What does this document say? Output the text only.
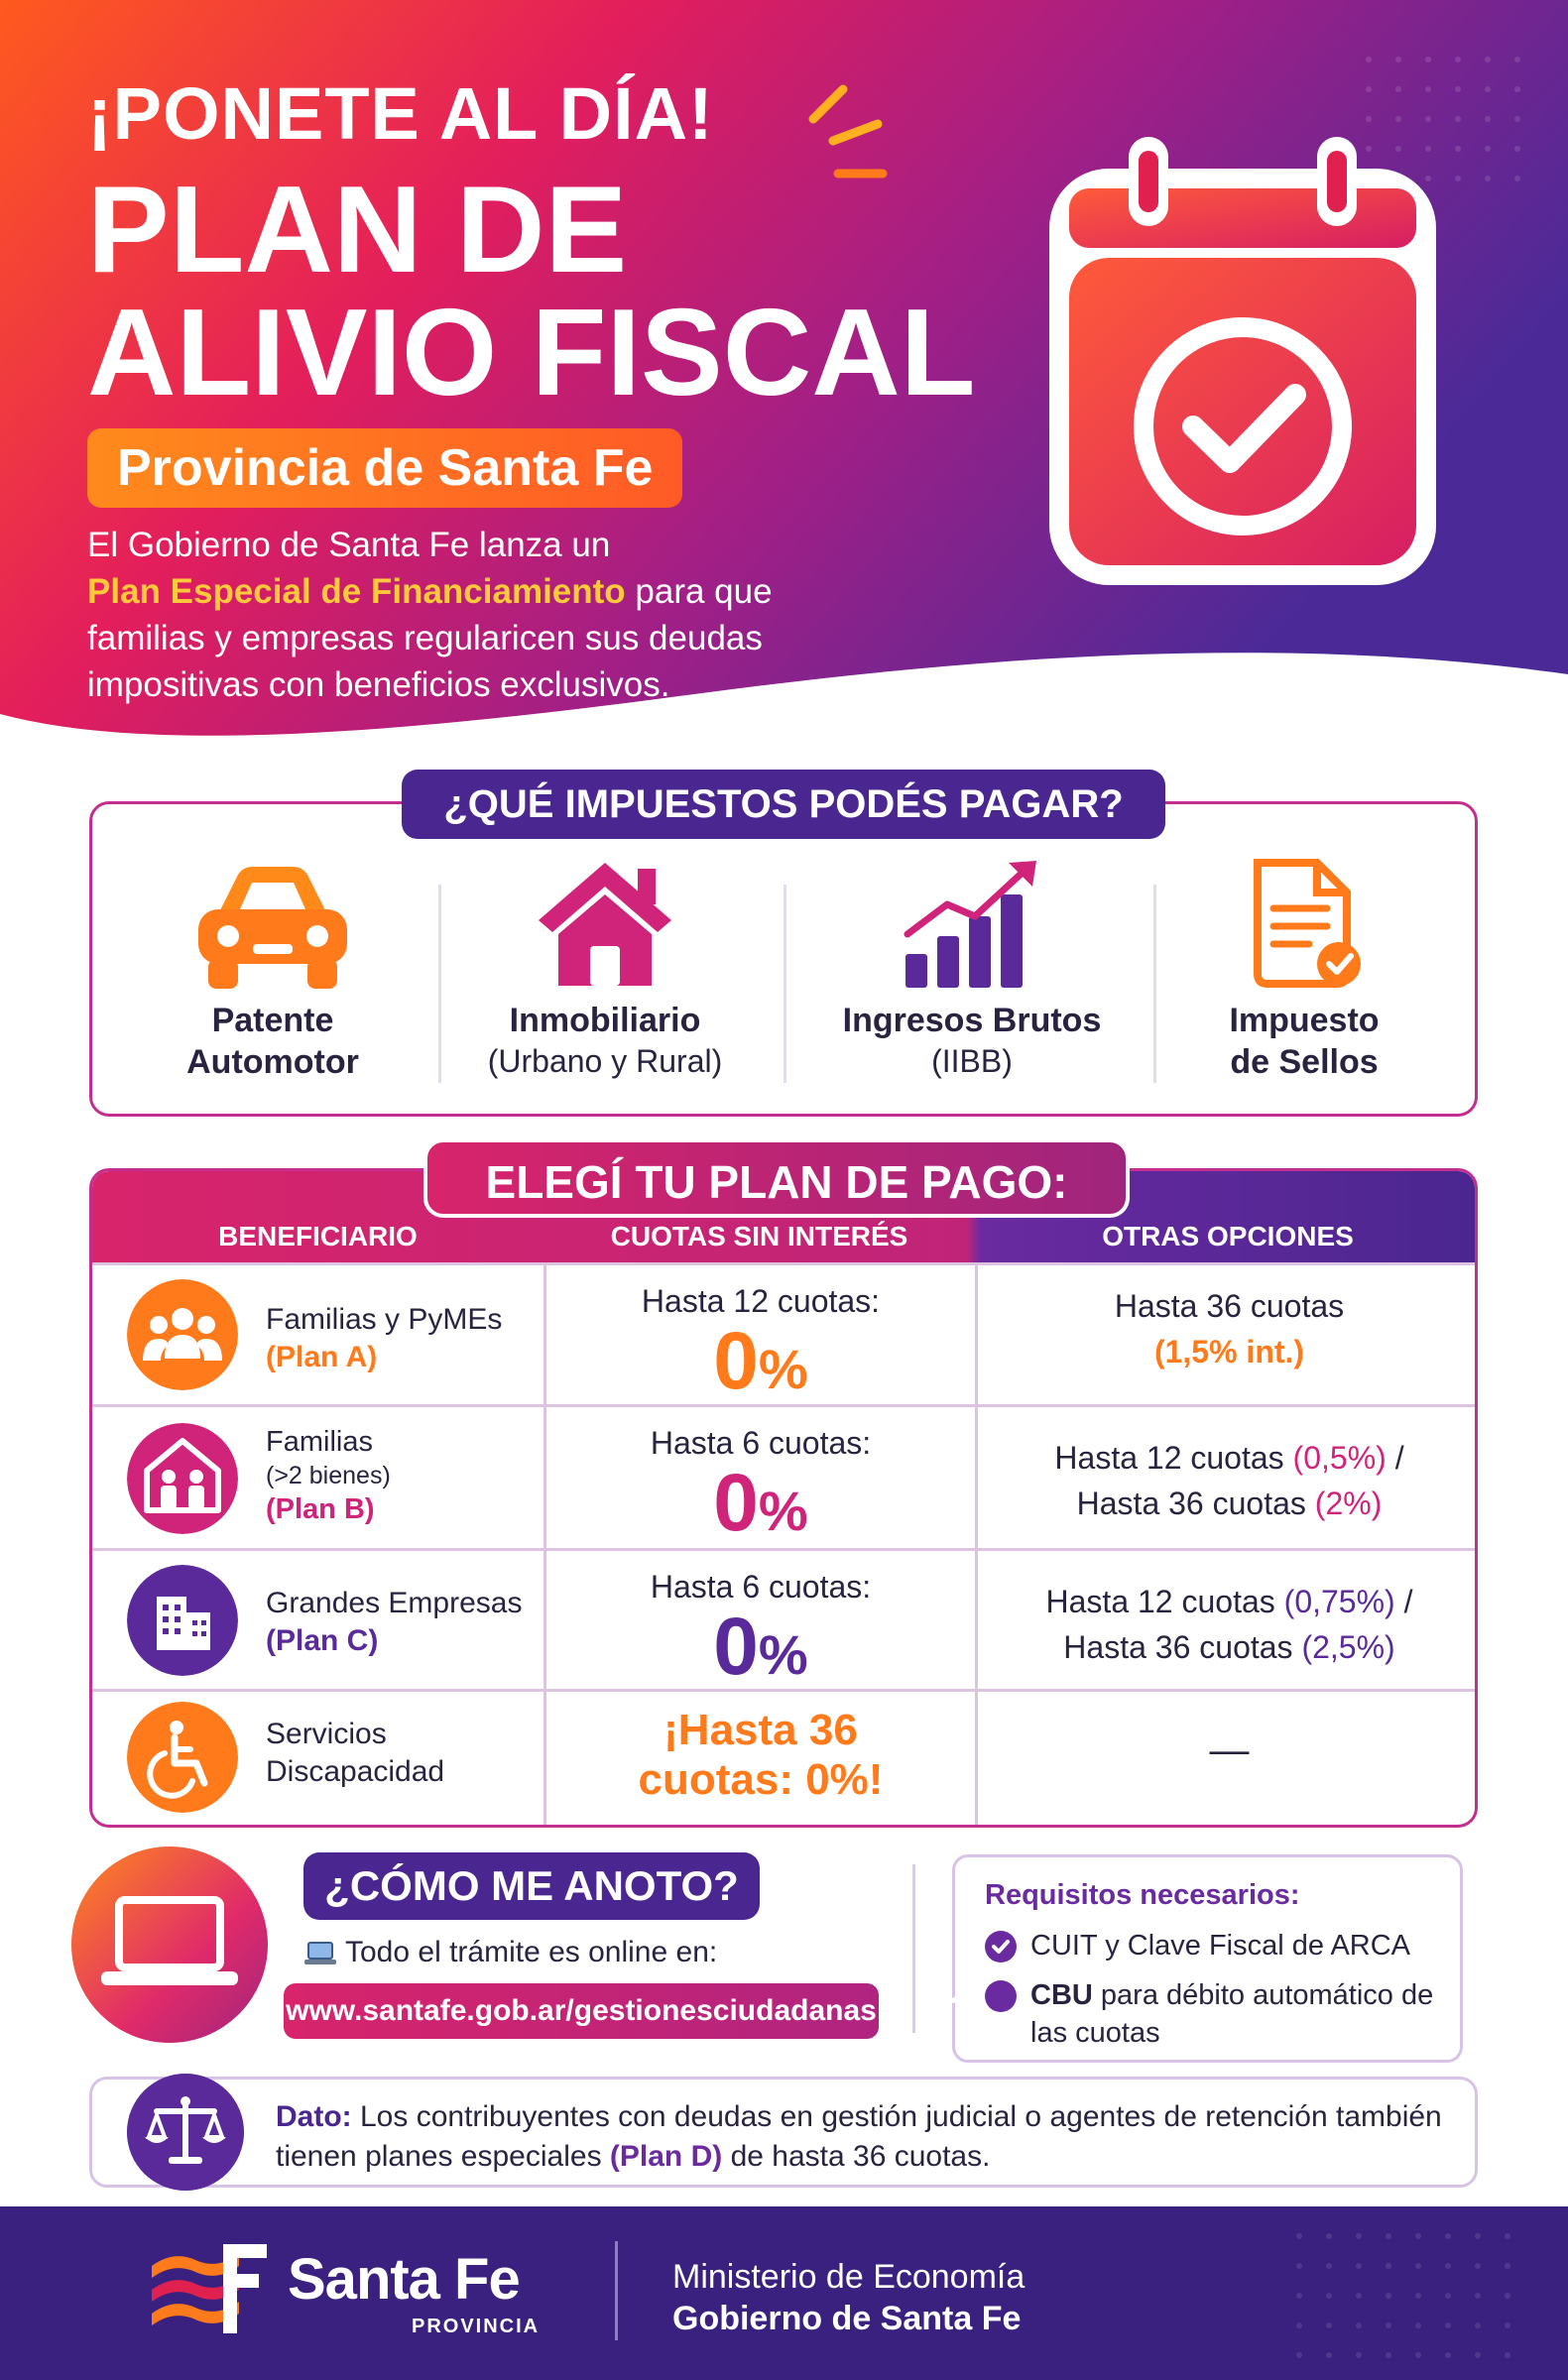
¡PONETE AL DÍA!
PLAN DE
ALIVIO FISCAL
Provincia de Santa Fe
El Gobierno de Santa Fe lanza un
Plan Especial de Financiamiento para que familias y empresas regularicen sus deudas impositivas con beneficios exclusivos.
¿QUÉ IMPUESTOS PODÉS PAGAR?
Patente Automotor
Inmobiliario
(Urbano y Rural)
Ingresos Brutos
(IIBB)
Impuesto de Sellos
BENEFICIARIO	CUOTAS SIN INTERÉS	OTRAS OPCIONES
Familias y PyMEs
(Plan A)
Hasta 12 cuotas:
0%
Hasta 36 cuotas
(1,5% int.)
Familias
(>2 bienes)
(Plan B)
Hasta 6 cuotas:
0%
Hasta 12 cuotas (0,5%) /
Hasta 36 cuotas (2%)
Grandes Empresas
(Plan C)
Hasta 6 cuotas:
0%
Hasta 12 cuotas (0,75%) /
Hasta 36 cuotas (2,5%)
Servicios
Discapacidad
¡Hasta 36
cuotas: 0%!
—
ELEGÍ TU PLAN DE PAGO:
¿CÓMO ME ANOTO?
Todo el trámite es online en:
www.santafe.gob.ar/gestionesciudadanas
Requisitos necesarios:
CUIT y Clave Fiscal de ARCA
CBU para débito automático de las cuotas
Dato: Los contribuyentes con deudas en gestión judicial o agentes de retención también tienen planes especiales (Plan D) de hasta 36 cuotas.
Santa Fe
PROVINCIA
Ministerio de Economía
Gobierno de Santa Fe
